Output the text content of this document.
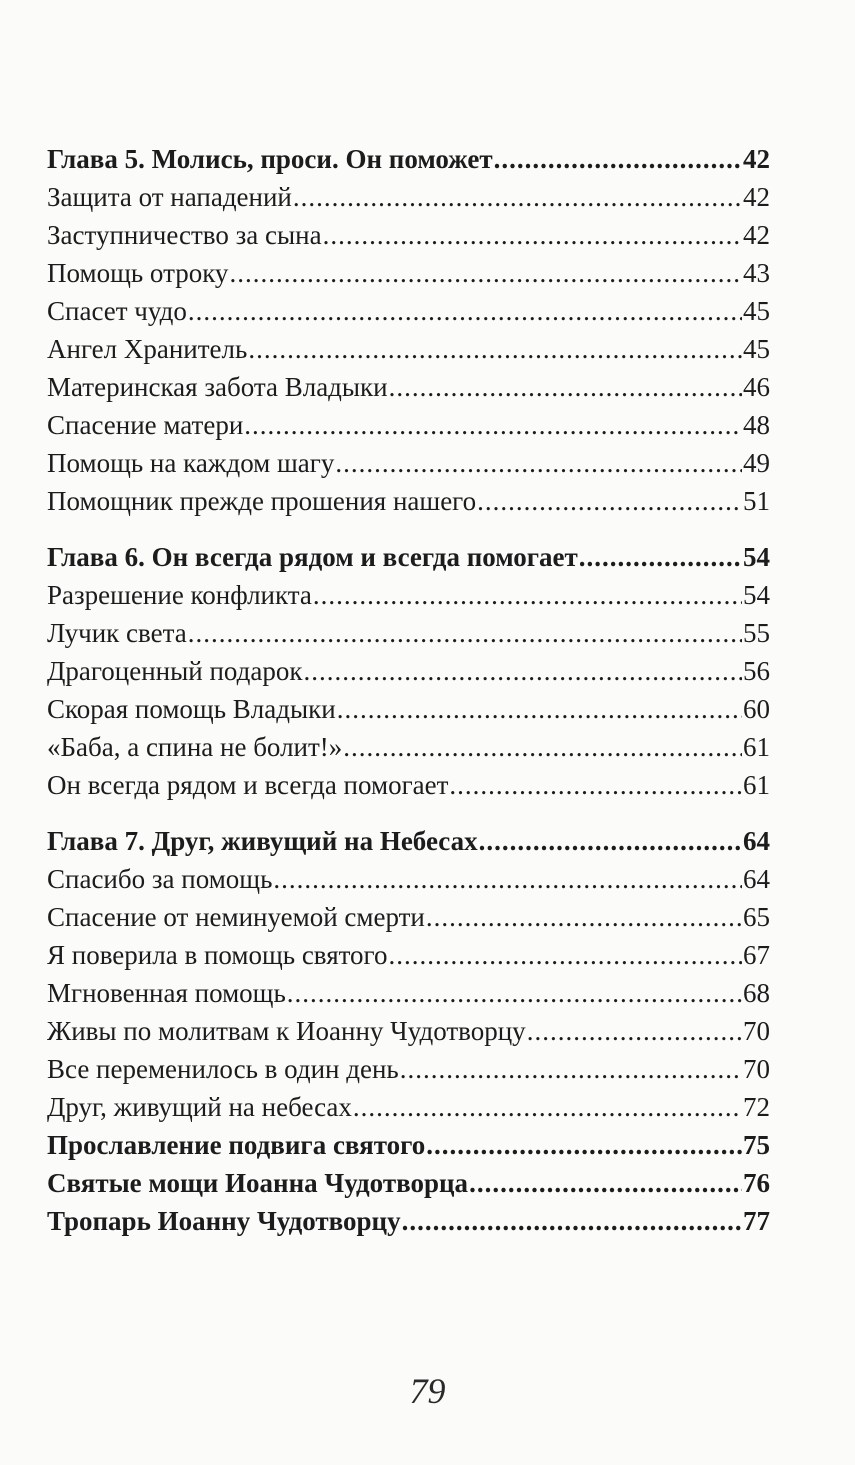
Глава 5. Молись, проси. Он поможет .....	42
Защита от нападений .....	42
Заступничество за сына .....	42
Помощь отроку .....	43
Спасет чудо .....	45
Ангел Хранитель .....	45
Материнская забота Владыки .....	46
Спасение матери .....	48
Помощь на каждом шагу .....	49
Помощник прежде прошения нашего .....	51
Глава 6. Он всегда рядом и всегда помогает .....	54
Разрешение конфликта .....	54
Лучик света .....	55
Драгоценный подарок .....	56
Скорая помощь Владыки .....	60
«Баба, а спина не болит!» .....	61
Он всегда рядом и всегда помогает .....	61
Глава 7. Друг, живущий на Небесах .....	64
Спасибо за помощь .....	64
Спасение от неминуемой смерти .....	65
Я поверила в помощь святого .....	67
Мгновенная помощь .....	68
Живы по молитвам к Иоанну Чудотворцу .....	70
Все переменилось в один день .....	70
Друг, живущий на небесах .....	72
Прославление подвига святого .....	75
Святые мощи Иоанна Чудотворца .....	76
Тропарь Иоанну Чудотворцу .....	77
79
